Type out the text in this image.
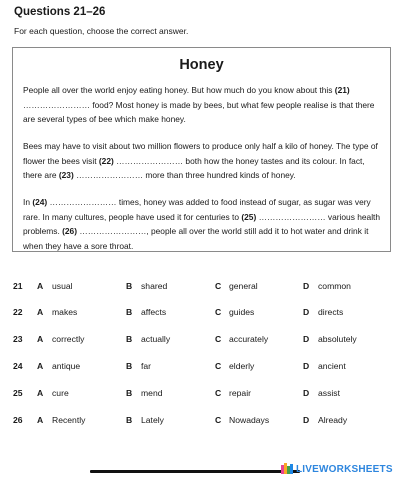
Questions 21–26
For each question, choose the correct answer.
Honey

People all over the world enjoy eating honey. But how much do you know about this (21) …………………… food? Most honey is made by bees, but what few people realise is that there are several types of bee which make honey.

Bees may have to visit about two million flowers to produce only half a kilo of honey. The type of flower the bees visit (22) …………………… both how the honey tastes and its colour. In fact, there are (23) …………………… more than three hundred kinds of honey.

In (24) …………………… times, honey was added to food instead of sugar, as sugar was very rare. In many cultures, people have used it for centuries to (25) …………………… various health problems. (26) ……………………, people all over the world still add it to hot water and drink it when they have a sore throat.

21 A usual	B shared	C general	D common
22 A makes	B affects	C guides	D directs
23 A correctly	B actually	C accurately	D absolutely
24 A antique	B far	C elderly	D ancient
25 A cure	B mend	C repair	D assist
26 A Recently	B Lately	C Nowadays	D Already
LIVEWORKSHEETS
